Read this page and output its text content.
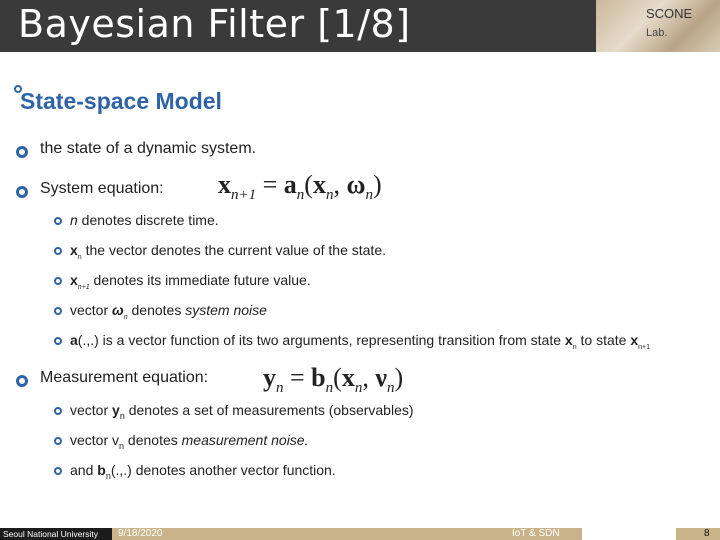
Bayesian Filter [1/8]	SCONE
Lab.
State-space Model
the state of a dynamic system.
System equation: $x_{n+1} = a_n(x_n$, $\omega_n$)
n denotes discrete time.
$x_n$ the vector denotes the current value of the state.
$x_{n+1}$ denotes its immediate future value.
vector $\omega_n$ denotes system noise
a(.,.) is a vector function of its two arguments, representing transition from state $x_n$ to state $x_{n+1}$
Measurement equation: $y_n = b_n(x_n$, $\nu_n$)
vector $y_n$ denotes a set of measurements (observables)
vector $v_n$ denotes measurement noise.
and $b_n(.,.)$ denotes another vector function.
Seoul National University 9/18/2020	IoT & SDN	8
